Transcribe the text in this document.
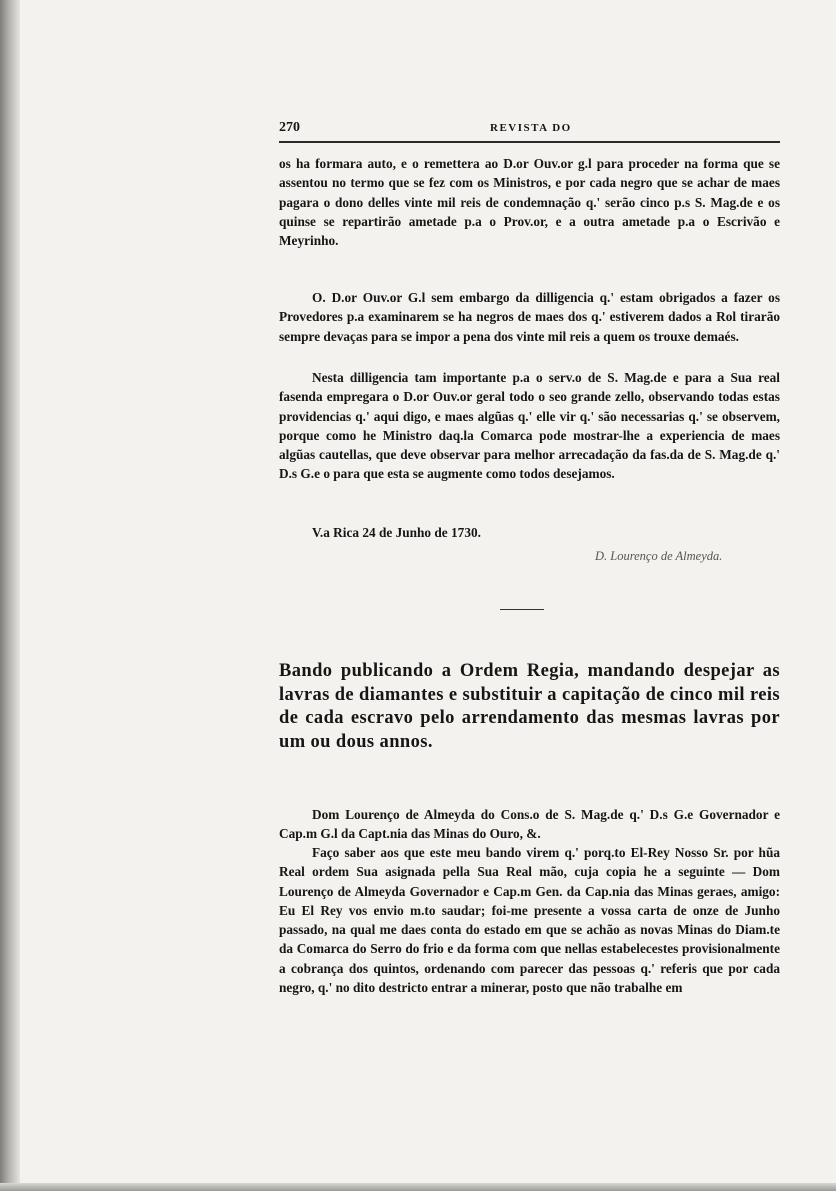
270	REVISTA DO

os ha formara auto, e o remettera ao D.or Ouv.or g.l para proceder na forma que se assentou no termo que se fez com os Ministros, e por cada negro que se achar de maes pagara o dono delles vinte mil reis de condemnação q.' serão cinco p.s S. Mag.de e os quinse se repartirão ametade p.a o Prov.or, e a outra ametade p.a o Escrivão e Meyrinho.

O. D.or Ouv.or G.l sem embargo da dilligencia q.' estam obrigados a fazer os Provedores p.a examinarem se ha negros de maes dos q.' estiverem dados a Rol tirarão sempre devaças para se impor a pena dos vinte mil reis a quem os trouxe demaés.

Nesta dilligencia tam importante p.a o serv.o de S. Mag.de e para a Sua real fasenda empregara o D.or Ouv.or geral todo o seo grande zello, observando todas estas providencias q.' aqui digo, e maes algũas q.' elle vir q.' são necessarias q.' se observem, porque como he Ministro daq.la Comarca pode mostrar-lhe a experiencia de maes algũas cautellas, que deve observar para melhor arrecadação da fas.da de S. Mag.de q.' D.s G.e o para que esta se augmente como todos desejamos.

V.a Rica 24 de Junho de 1730.

D. Lourenço de Almeyda.

Bando publicando a Ordem Regia, mandando despejar as lavras de diamantes e substituir a capitação de cinco mil reis de cada escravo pelo arrendamento das mesmas lavras por um ou dous annos.

Dom Lourenço de Almeyda do Cons.o de S. Mag.de q.' D.s G.e Governador e Cap.m G.l da Capt.nia das Minas do Ouro, &.

Faço saber aos que este meu bando virem q.' porq.to El-Rey Nosso Sr. por hũa Real ordem Sua asignada pella Sua Real mão, cuja copia he a seguinte — Dom Lourenço de Almeyda Governador e Cap.m Gen. da Cap.nia das Minas geraes, amigo: Eu El Rey vos envio m.to saudar; foi-me presente a vossa carta de onze de Junho passado, na qual me daes conta do estado em que se achão as novas Minas do Diam.te da Comarca do Serro do frio e da forma com que nellas estabelecestes provisionalmente a cobrança dos quintos, ordenando com parecer das pessoas q.' referis que por cada negro, q.' no dito destricto entrar a minerar, posto que não trabalhe em
